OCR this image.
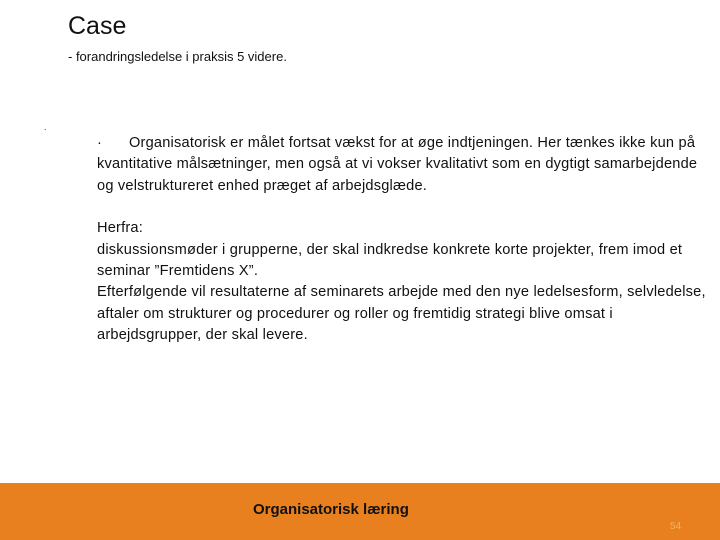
Case
- forandringsledelse i praksis 5 videre.
.

· Organisatorisk er målet fortsat vækst for at øge indtjeningen. Her tænkes ikke kun på kvantitative målsætninger, men også at vi vokser kvalitativt som en dygtigt samarbejdende og velstruktureret enhed præget af arbejdsglæde.

Herfra:

diskussionsmøder i grupperne, der skal indkredse konkrete korte projekter, frem imod et seminar ”Fremtidens X”.

Efterfølgende vil resultaterne af seminarets arbejde med den nye ledelsesform, selvledelse, aftaler om strukturer og procedurer og roller og fremtidig strategi blive omsat i arbejdsgrupper, der skal levere.

Organisatorisk læring
54
